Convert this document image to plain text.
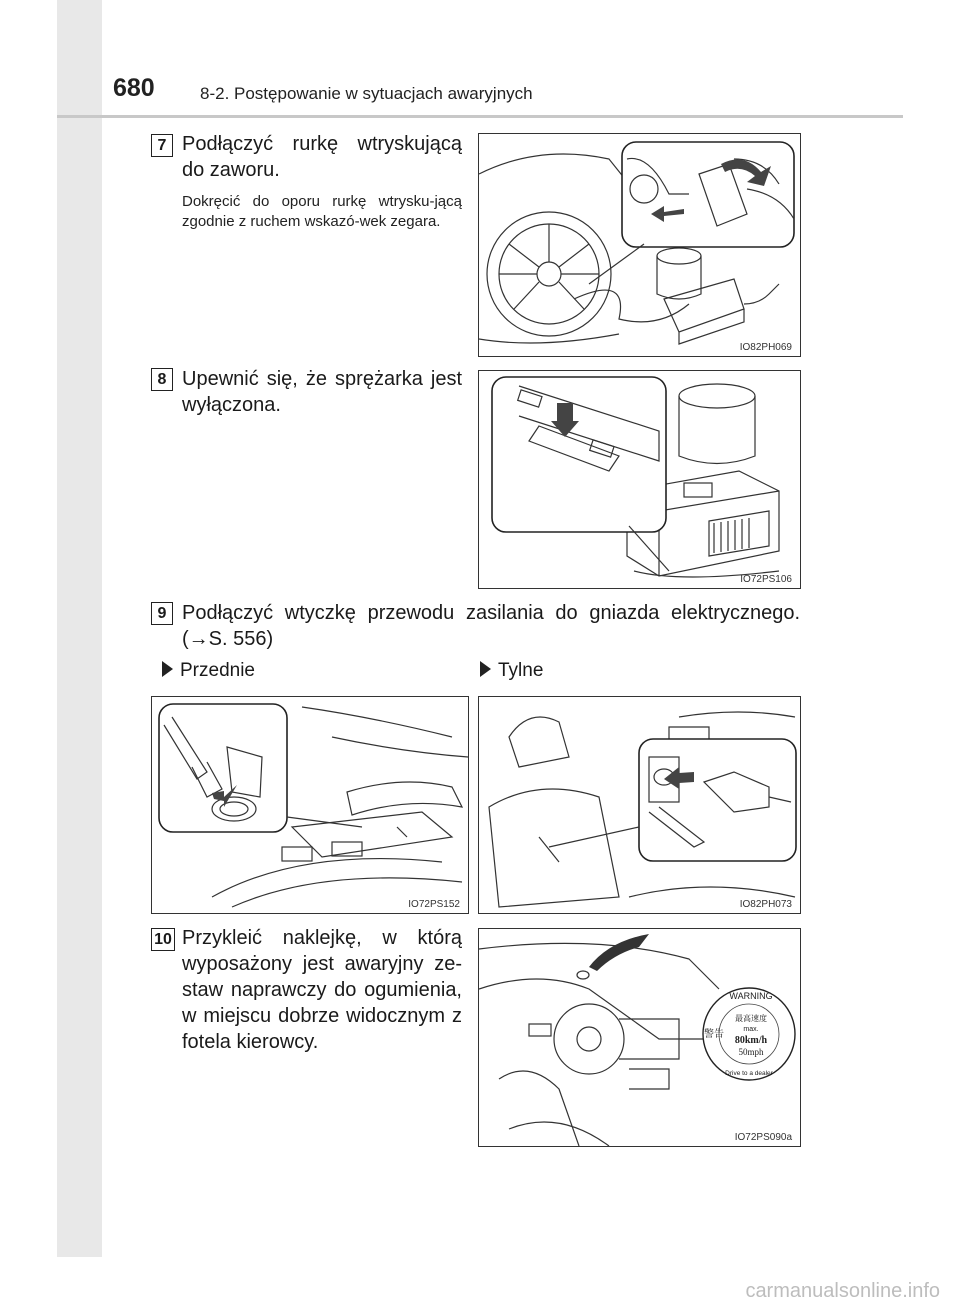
680	8-2. Postępowanie w sytuacjach awaryjnych
7 Podłączyć rurkę wtryskującą do zaworu.
Dokręcić do oporu rurkę wtrysku-jącą zgodnie z ruchem wskazó-wek zegara.
IO82PH069
8 Upewnić się, że sprężarka jest wyłączona.
IO72PS106
9 Podłączyć wtyczkę przewodu zasilania do gniazda elektrycznego. (→S. 556)
Przednie	Tylne
IO72PS152	IO82PH073
10 Przykleić naklejkę, w którą wyposażony jest awaryjny ze-staw naprawczy do ogumienia, w miejscu dobrze widocznym z fotela kierowcy.
WARNING
警告
最高速度
max.
80km/h
50mph
Drive to a dealer
IO72PS090a
carmanualsonline.info
